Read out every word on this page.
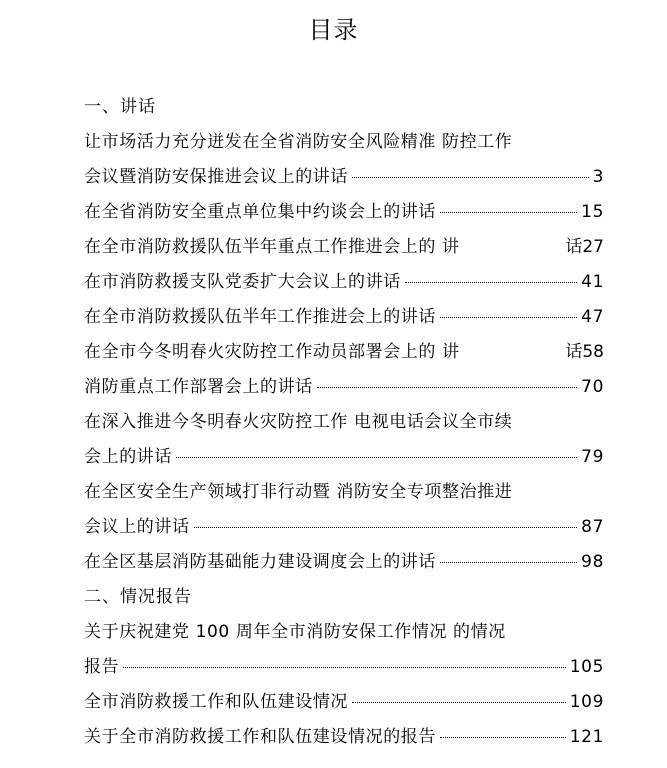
目录
一、讲话
让市场活力充分迸发在全省消防安全风险精准 防控工作
会议暨消防安保推进会议上的讲话	3
在全省消防安全重点单位集中约谈会上的讲话	15
在全市消防救援队伍半年重点工作推进会上的 讲	话27
在市消防救援支队党委扩大会议上的讲话	41
在全市消防救援队伍半年工作推进会上的讲话	47
在全市今冬明春火灾防控工作动员部署会上的 讲	话58
消防重点工作部署会上的讲话	70
在深入推进今冬明春火灾防控工作 电视电话会议全市续
会上的讲话	79
在全区安全生产领域打非行动暨 消防安全专项整治推进
会议上的讲话	87
在全区基层消防基础能力建设调度会上的讲话	98
二、情况报告
关于庆祝建党 100 周年全市消防安保工作情况 的情况
报告	105
全市消防救援工作和队伍建设情况	109
关于全市消防救援工作和队伍建设情况的报告	121
